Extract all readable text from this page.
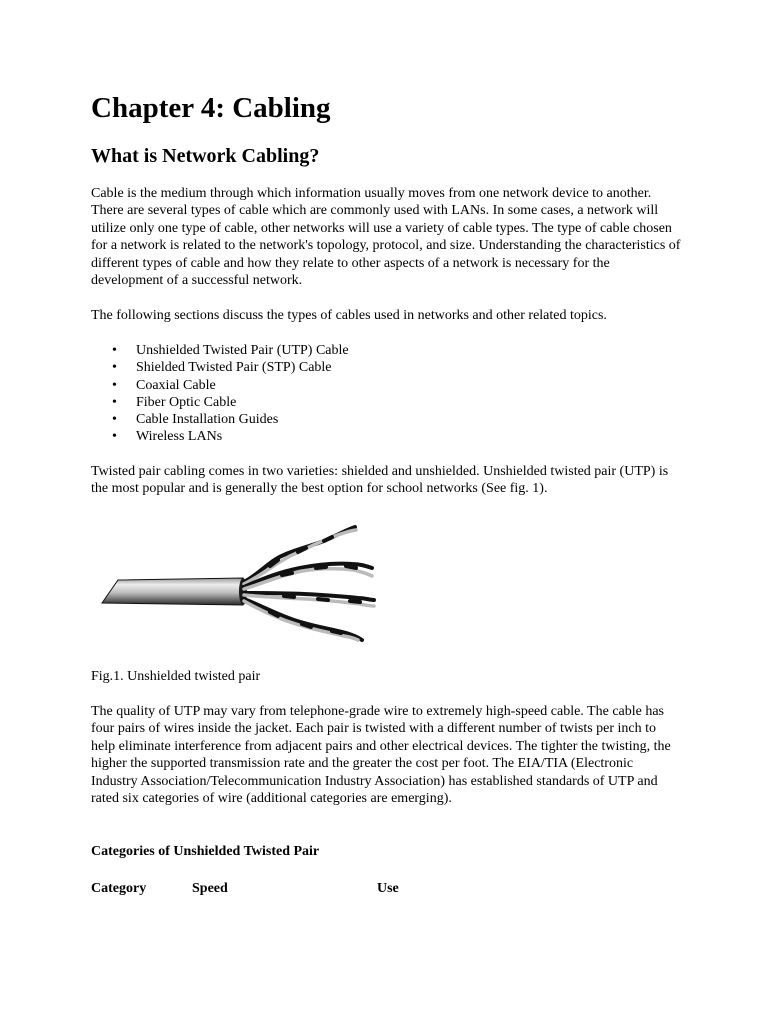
Chapter 4: Cabling
What is Network Cabling?

Cable is the medium through which information usually moves from one network device to another. There are several types of cable which are commonly used with LANs. In some cases, a network will utilize only one type of cable, other networks will use a variety of cable types. The type of cable chosen for a network is related to the network's topology, protocol, and size. Understanding the characteristics of different types of cable and how they relate to other aspects of a network is necessary for the development of a successful network.

The following sections discuss the types of cables used in networks and other related topics.

• Unshielded Twisted Pair (UTP) Cable
• Shielded Twisted Pair (STP) Cable
• Coaxial Cable
• Fiber Optic Cable
• Cable Installation Guides
• Wireless LANs

Twisted pair cabling comes in two varieties: shielded and unshielded. Unshielded twisted pair (UTP) is the most popular and is generally the best option for school networks (See fig. 1).

Fig.1. Unshielded twisted pair

The quality of UTP may vary from telephone-grade wire to extremely high-speed cable. The cable has four pairs of wires inside the jacket. Each pair is twisted with a different number of twists per inch to help eliminate interference from adjacent pairs and other electrical devices. The tighter the twisting, the higher the supported transmission rate and the greater the cost per foot. The EIA/TIA (Electronic Industry Association/Telecommunication Industry Association) has established standards of UTP and rated six categories of wire (additional categories are emerging).

Categories of Unshielded Twisted Pair

Category	Speed	Use
